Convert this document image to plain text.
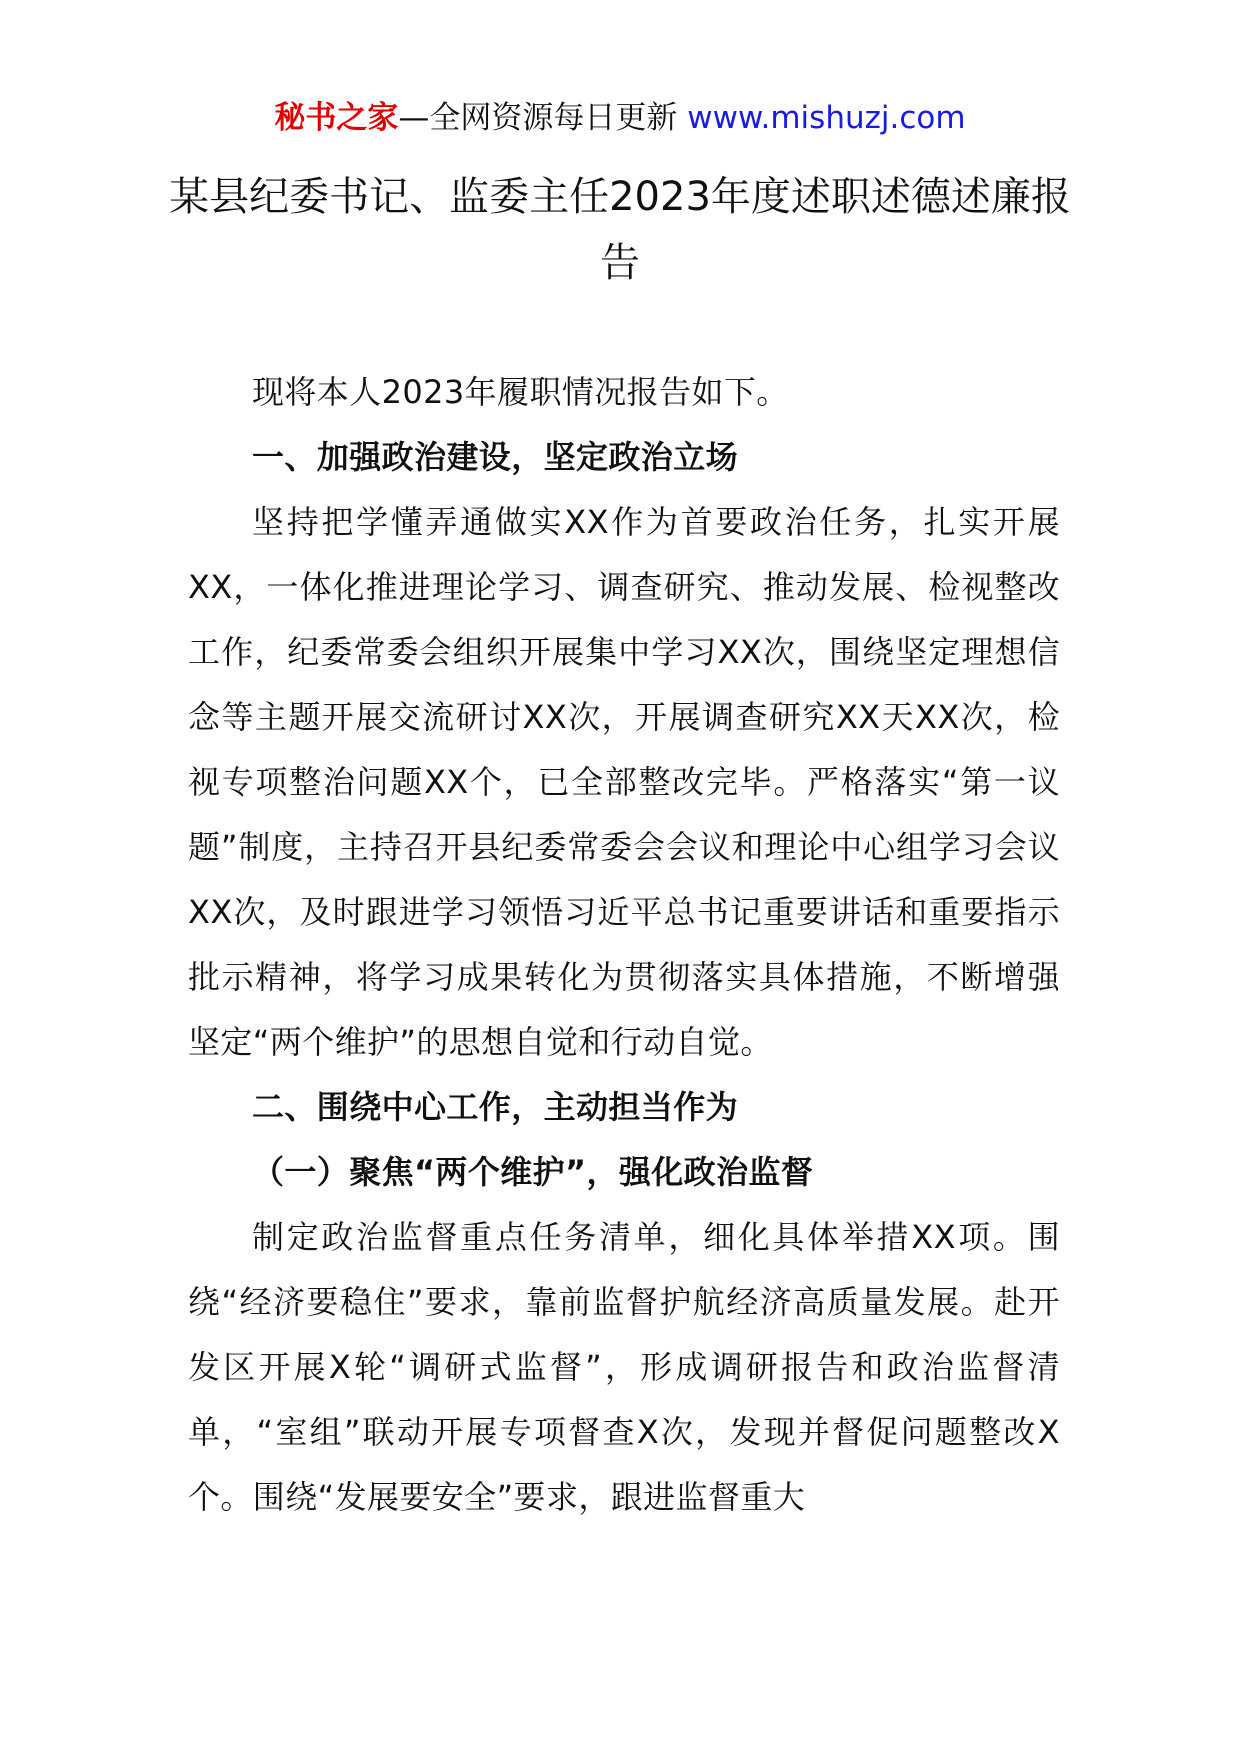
秘书之家—全网资源每日更新 www.mishuzj.com
某县纪委书记、监委主任2023年度述职述德述廉报告

现将本人2023年履职情况报告如下。

一、加强政治建设，坚定政治立场

坚持把学懂弄通做实XX作为首要政治任务，扎实开展XX，一体化推进理论学习、调查研究、推动发展、检视整改工作，纪委常委会组织开展集中学习XX次，围绕坚定理想信念等主题开展交流研讨XX次，开展调查研究XX天XX次，检视专项整治问题XX个，已全部整改完毕。严格落实“第一议题”制度，主持召开县纪委常委会会议和理论中心组学习会议XX次，及时跟进学习领悟习近平总书记重要讲话和重要指示批示精神，将学习成果转化为贯彻落实具体措施，不断增强坚定“两个维护”的思想自觉和行动自觉。

二、围绕中心工作，主动担当作为

（一）聚焦“两个维护”，强化政治监督

制定政治监督重点任务清单，细化具体举措XX项。围绕“经济要稳住”要求，靠前监督护航经济高质量发展。赴开发区开展X轮“调研式监督”，形成调研报告和政治监督清单，“室组”联动开展专项督查X次，发现并督促问题整改X个。围绕“发展要安全”要求，跟进监督重大
